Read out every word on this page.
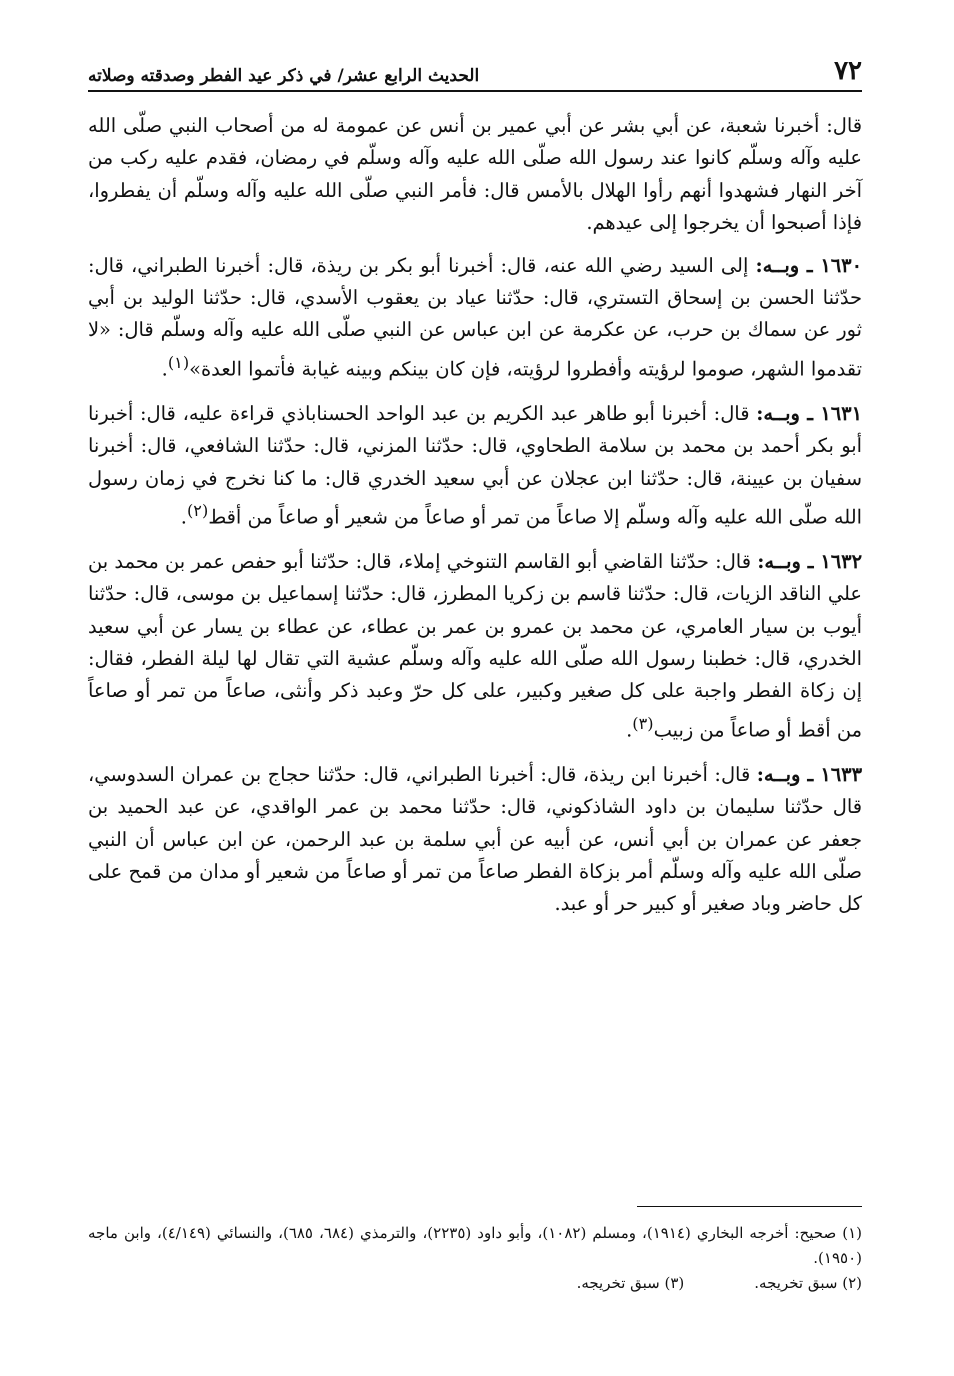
٧٢
الحديث الرابع عشر/ في ذكر عيد الفطر وصدقته وصلاته

قال: أخبرنا شعبة، عن أبي بشر عن أبي عمير بن أنس عن عمومة له من أصحاب النبي صلّى الله عليه وآله وسلّم كانوا عند رسول الله صلّى الله عليه وآله وسلّم في رمضان، فقدم عليه ركب من آخر النهار فشهدوا أنهم رأوا الهلال بالأمس قال: فأمر النبي صلّى الله عليه وآله وسلّم أن يفطروا، فإذا أصبحوا أن يخرجوا إلى عيدهم.

١٦٣٠ ـ وبــه: إلى السيد رضي الله عنه، قال: أخبرنا أبو بكر بن ريذة، قال: أخبرنا الطبراني، قال: حدّثنا الحسن بن إسحاق التستري، قال: حدّثنا عياد بن يعقوب الأسدي، قال: حدّثنا الوليد بن أبي ثور عن سماك بن حرب، عن عكرمة عن ابن عباس عن النبي صلّى الله عليه وآله وسلّم قال: «لا تقدموا الشهر، صوموا لرؤيته وأفطروا لرؤيته، فإن كان بينكم وبينه غيابة فأتموا العدة»$^{(١)}$.

١٦٣١ ـ وبــه: قال: أخبرنا أبو طاهر عبد الكريم بن عبد الواحد الحسناباذي قراءة عليه، قال: أخبرنا أبو بكر أحمد بن محمد بن سلامة الطحاوي، قال: حدّثنا المزني، قال: حدّثنا الشافعي، قال: أخبرنا سفيان بن عيينة، قال: حدّثنا ابن عجلان عن أبي سعيد الخدري قال: ما كنا نخرج في زمان رسول الله صلّى الله عليه وآله وسلّم إلا صاعاً من تمر أو صاعاً من شعير أو صاعاً من أقط$^{(٢)}$.

١٦٣٢ ـ وبــه: قال: حدّثنا القاضي أبو القاسم التنوخي إملاء، قال: حدّثنا أبو حفص عمر بن محمد بن علي الناقد الزيات، قال: حدّثنا قاسم بن زكريا المطرز، قال: حدّثنا إسماعيل بن موسى، قال: حدّثنا أيوب بن سيار العامري، عن محمد بن عمرو بن عمر بن عطاء، عن عطاء بن يسار عن أبي سعيد الخدري، قال: خطبنا رسول الله صلّى الله عليه وآله وسلّم عشية التي تقال لها ليلة الفطر، فقال: إن زكاة الفطر واجبة على كل صغير وكبير، على كل حرّ وعبد ذكر وأنثى، صاعاً من تمر أو صاعاً من أقط أو صاعاً من زبيب$^{(٣)}$.

١٦٣٣ ـ وبــه: قال: أخبرنا ابن ريذة، قال: أخبرنا الطبراني، قال: حدّثنا حجاج بن عمران السدوسي، قال حدّثنا سليمان بن داود الشاذكوني، قال: حدّثنا محمد بن عمر الواقدي، عن عبد الحميد بن جعفر عن عمران بن أبي أنس، عن أبيه عن أبي سلمة بن عبد الرحمن، عن ابن عباس أن النبي صلّى الله عليه وآله وسلّم أمر بزكاة الفطر صاعاً من تمر أو صاعاً من شعير أو مدان من قمح على كل حاضر وباد صغير أو كبير حر أو عبد.

(١) صحيح: أخرجه البخاري (١٩١٤)، ومسلم (١٠٨٢)، وأبو داود (٢٢٣٥)، والترمذي (٦٨٤، ٦٨٥)، والنسائي (٤/١٤٩)، وابن ماجه (١٩٥٠).

(٢) سبق تخريجه.
(٣) سبق تخريجه.
